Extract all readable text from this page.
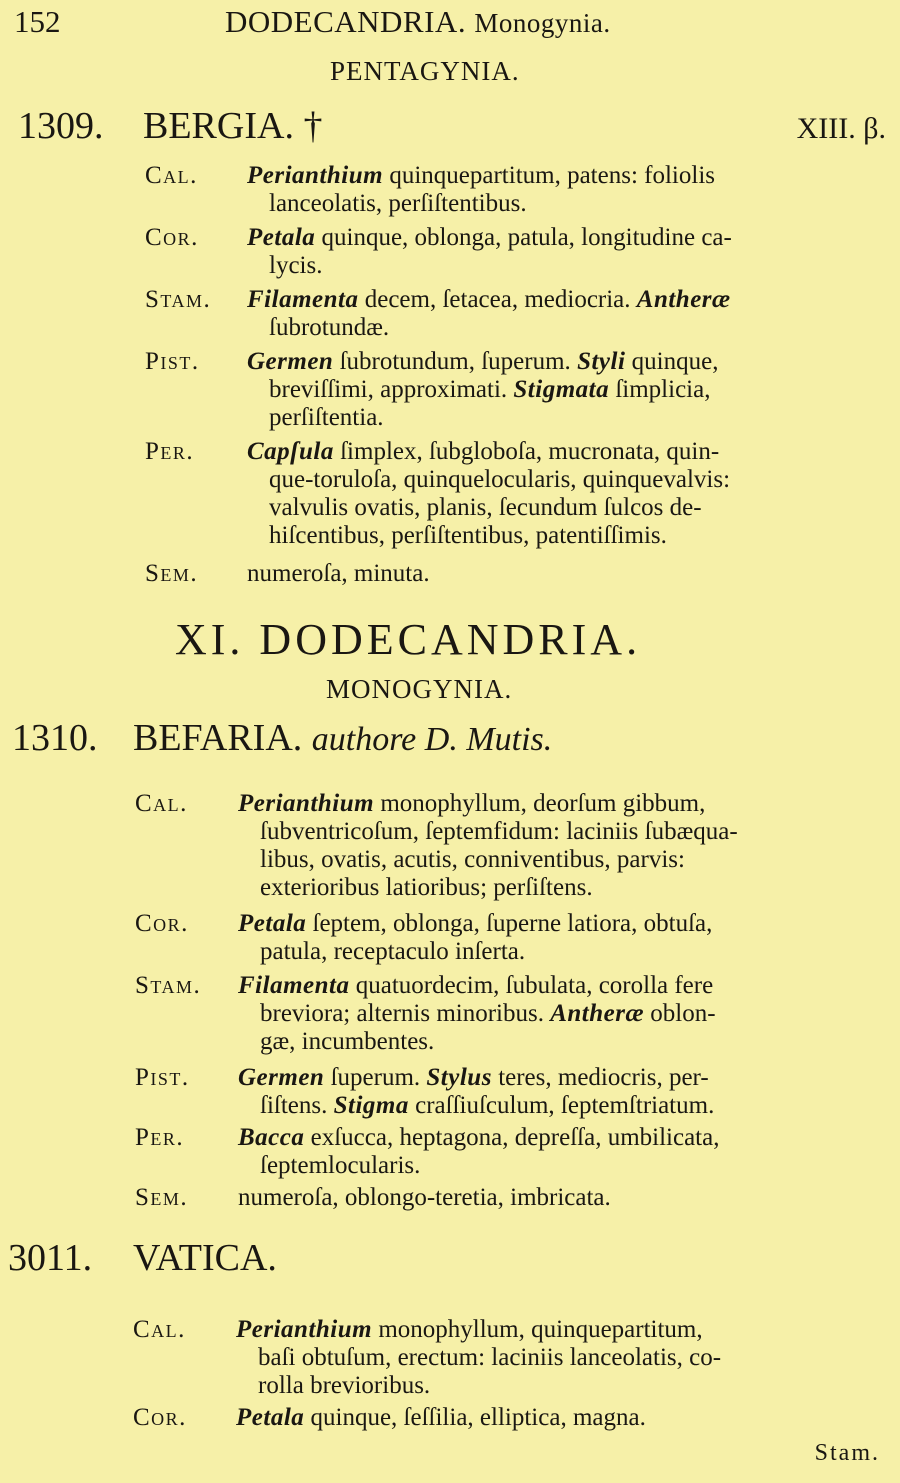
152	DODECANDRIA. Monogynia.
PENTAGYNIA.
1309. BERGIA. †	XIII. β.
Cal. Perianthium quinquepartitum, patens: foliolis

lanceolatis, perſiſtentibus.

Cor. Petala quinque, oblonga, patula, longitudine ca-

lycis.

Stam. Filamenta decem, ſetacea, mediocria. Antheræ

ſubrotundæ.

Pist. Germen ſubrotundum, ſuperum. Styli quinque,

breviſſimi, approximati. Stigmata ſimplicia,

perſiſtentia.

Per. Capſula ſimplex, ſubgloboſa, mucronata, quin-

que-toruloſa, quinquelocularis, quinquevalvis:

valvulis ovatis, planis, ſecundum ſulcos de-

hiſcentibus, perſiſtentibus, patentiſſimis.

Sem. numeroſa, minuta.

XI. DODECANDRIA.
MONOGYNIA.
1310. BEFARIA. authore D. Mutis.
Cal. Perianthium monophyllum, deorſum gibbum,

ſubventricoſum, ſeptemfidum: laciniis ſubæqua-

libus, ovatis, acutis, conniventibus, parvis:

exterioribus latioribus; perſiſtens.

Cor. Petala ſeptem, oblonga, ſuperne latiora, obtuſa,

patula, receptaculo inſerta.

Stam. Filamenta quatuordecim, ſubulata, corolla fere

breviora; alternis minoribus. Antheræ oblon-

gæ, incumbentes.

Pist. Germen ſuperum. Stylus teres, mediocris, per-

ſiſtens. Stigma craſſiuſculum, ſeptemſtriatum.

Per. Bacca exſucca, heptagona, depreſſa, umbilicata,

ſeptemlocularis.

Sem. numeroſa, oblongo-teretia, imbricata.

3011. VATICA.
Cal. Perianthium monophyllum, quinquepartitum,

baſi obtuſum, erectum: laciniis lanceolatis, co-

rolla brevioribus.

Cor. Petala quinque, ſeſſilia, elliptica, magna.

Stam.
